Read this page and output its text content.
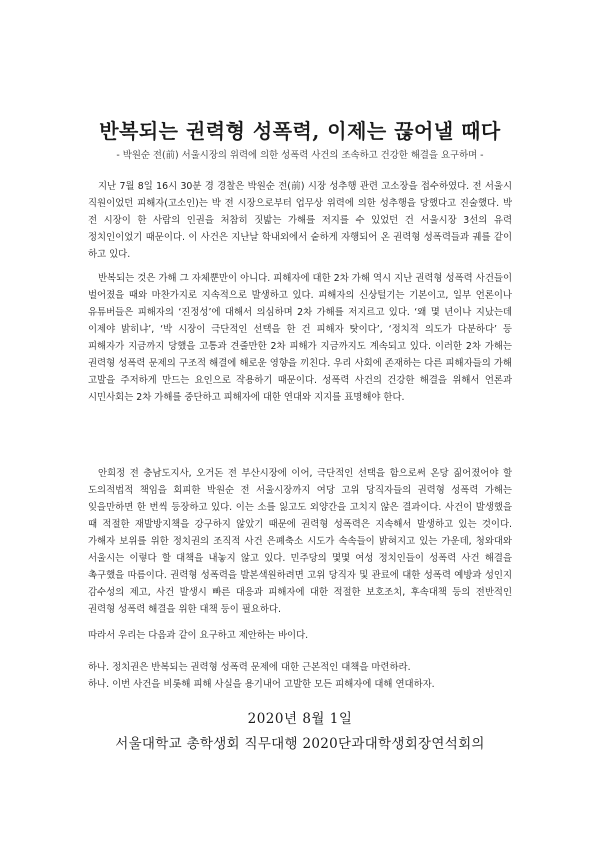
반복되는 권력형 성폭력, 이제는 끊어낼 때다
- 박원순 전(前) 서울시장의 위력에 의한 성폭력 사건의 조속하고 건강한 해결을 요구하며 -
지난 7월 8일 16시 30분 경 경찰은 박원순 전(前) 시장 성추행 관련 고소장을 접수하였다. 전 서울시 직원이었던 피해자(고소인)는 박 전 시장으로부터 업무상 위력에 의한 성추행을 당했다고 진술했다. 박 전 시장이 한 사람의 인권을 처참히 짓밟는 가해를 저지를 수 있었던 건 서울시장 3선의 유력 정치인이었기 때문이다. 이 사건은 지난날 학내외에서 숱하게 자행되어 온 권력형 성폭력들과 궤를 같이 하고 있다.
반복되는 것은 가해 그 자체뿐만이 아니다. 피해자에 대한 2차 가해 역시 지난 권력형 성폭력 사건들이 벌어졌을 때와 마찬가지로 지속적으로 발생하고 있다. 피해자의 신상털기는 기본이고, 일부 언론이나 유튜버들은 피해자의 ‘진정성’에 대해서 의심하며 2차 가해를 저지르고 있다. ‘왜 몇 년이나 지났는데 이제야 밝히냐’, ‘박 시장이 극단적인 선택을 한 건 피해자 탓이다’, ‘정치적 의도가 다분하다’ 등 피해자가 지금까지 당했을 고통과 견줄만한 2차 피해가 지금까지도 계속되고 있다. 이러한 2차 가해는 권력형 성폭력 문제의 구조적 해결에 해로운 영향을 끼친다. 우리 사회에 존재하는 다른 피해자들의 가해 고발을 주저하게 만드는 요인으로 작용하기 때문이다. 성폭력 사건의 건강한 해결을 위해서 언론과 시민사회는 2차 가해를 중단하고 피해자에 대한 연대와 지지를 표명해야 한다.
안희정 전 충남도지사, 오거돈 전 부산시장에 이어, 극단적인 선택을 함으로써 온당 짊어졌어야 할 도의적법적 책임을 회피한 박원순 전 서울시장까지 여당 고위 당직자들의 권력형 성폭력 가해는 잊을만하면 한 번씩 등장하고 있다. 이는 소를 잃고도 외양간을 고치지 않은 결과이다. 사건이 발생했을 때 적절한 재발방지책을 강구하지 않았기 때문에 권력형 성폭력은 지속해서 발생하고 있는 것이다. 가해자 보위를 위한 정치권의 조직적 사건 은폐축소 시도가 속속들이 밝혀지고 있는 가운데, 청와대와 서울시는 이렇다 할 대책을 내놓지 않고 있다. 민주당의 몇몇 여성 정치인들이 성폭력 사건 해결을 촉구했을 따름이다. 권력형 성폭력을 발본색원하려면 고위 당직자 및 관료에 대한 성폭력 예방과 성인지 감수성의 제고, 사건 발생시 빠른 대응과 피해자에 대한 적절한 보호조치, 후속대책 등의 전반적인 권력형 성폭력 해결을 위한 대책 등이 필요하다.
따라서 우리는 다음과 같이 요구하고 제안하는 바이다.
하나. 정치권은 반복되는 권력형 성폭력 문제에 대한 근본적인 대책을 마련하라.
하나. 이번 사건을 비롯해 피해 사실을 용기내어 고발한 모든 피해자에 대해 연대하자.
2020년 8월 1일
서울대학교 총학생회 직무대행 2020단과대학생회장연석회의
